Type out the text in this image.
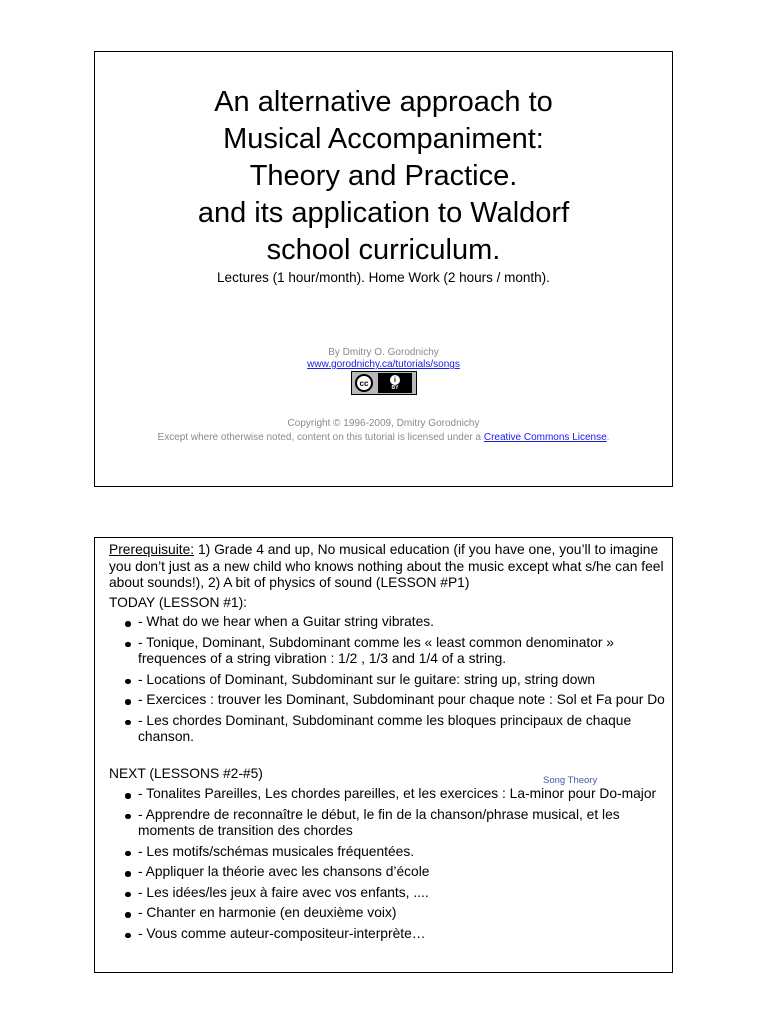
An alternative approach to
Musical Accompaniment:
Theory and Practice.
and its application to Waldorf
school curriculum.
Lectures (1 hour/month). Home Work (2 hours / month).
By Dmitry O. Gorodnichy
www.gorodnichy.ca/tutorials/songs
cc	i
BY
Copyright © 1996-2009, Dmitry Gorodnichy
Except where otherwise noted, content on this tutorial is licensed under a Creative Commons License.
Prerequisuite: 1) Grade 4 and up, No musical education (if you have one, you’ll to imagine you don’t just as a new child who knows nothing about the music except what s/he can feel about sounds!), 2) A bit of physics of sound (LESSON #P1)
TODAY (LESSON #1):
- What do we hear when a Guitar string vibrates.
- Tonique, Dominant, Subdominant comme les « least common denominator » frequences of a string vibration : 1/2 , 1/3 and 1/4 of a string.
- Locations of Dominant, Subdominant sur le guitare: string up, string down
- Exercices : trouver les Dominant, Subdominant pour chaque note : Sol et Fa pour Do
- Les chordes Dominant, Subdominant comme les bloques principaux de chaque chanson.
NEXT (LESSONS #2-#5)	Song Theory
- Tonalites Pareilles, Les chordes pareilles, et les exercices : La-minor pour Do-major
- Apprendre de reconnaître le début, le fin de la chanson/phrase musical, et les moments de transition des chordes
- Les motifs/schémas musicales fréquentées.
- Appliquer la théorie avec les chansons d’école
- Les idées/les jeux à faire avec vos enfants, ....
- Chanter en harmonie (en deuxième voix)
- Vous comme auteur-compositeur-interprète…
